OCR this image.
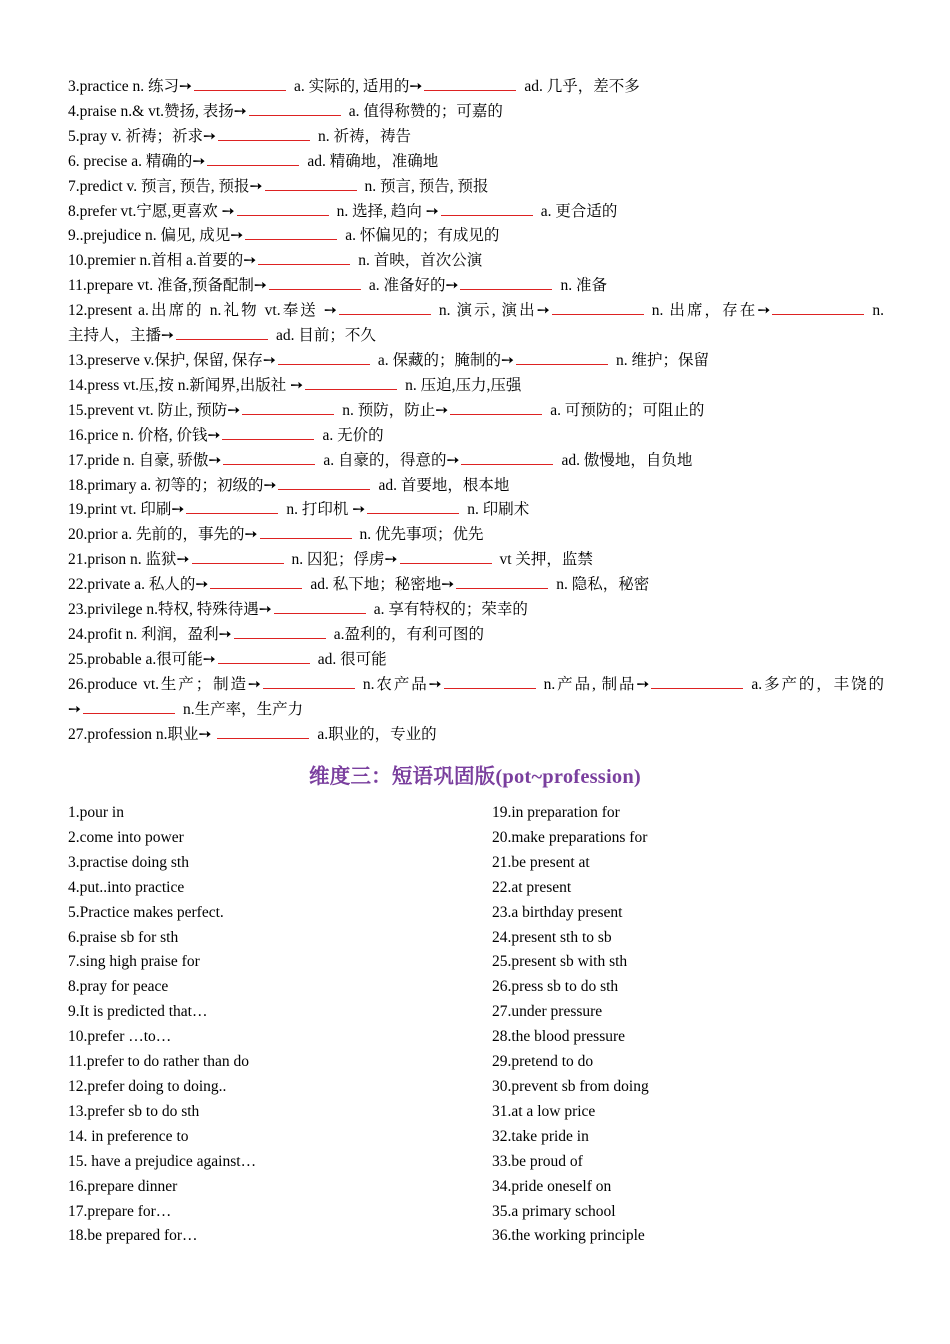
3.practice n. 练习➙	a. 实际的, 适用的➙	ad. 几乎，差不多
4.praise n.& vt.赞扬, 表扬➙	a. 值得称赞的；可嘉的
5.pray v. 祈祷；祈求➙	n. 祈祷，祷告
6. precise a. 精确的➙	ad. 精确地，准确地
7.predict v. 预言, 预告, 预报➙	n. 预言, 预告, 预报
8.prefer vt.宁愿,更喜欢 ➙	n. 选择, 趋向 ➙	a. 更合适的
9..prejudice n. 偏见, 成见➙	a. 怀偏见的；有成见的
10.premier n.首相 a.首要的➙	n. 首映，首次公演
11.prepare vt. 准备,预备配制➙	a. 准备好的➙	n. 准备
12.present a.出席的 n.礼物 vt.奉送 ➙	n. 演示, 演出➙	n. 出席，存在➙	n.
主持人，主播➙	ad. 目前；不久
13.preserve v.保护, 保留, 保存➙	a. 保藏的；腌制的➙	n. 维护；保留
14.press vt.压,按 n.新闻界,出版社 ➙	n. 压迫,压力,压强
15.prevent vt. 防止, 预防➙	n. 预防，防止➙	a. 可预防的；可阻止的
16.price n. 价格, 价钱➙	a. 无价的
17.pride n. 自豪, 骄傲➙	a. 自豪的，得意的➙	ad. 傲慢地，自负地
18.primary a. 初等的；初级的➙	ad. 首要地，根本地
19.print vt. 印刷➙	n. 打印机 ➙	n. 印刷术
20.prior a. 先前的，事先的➙	n. 优先事项；优先
21.prison n. 监狱➙	n. 囚犯；俘虏➙	vt 关押，监禁
22.private a. 私人的➙	ad. 私下地；秘密地➙	n. 隐私，秘密
23.privilege n.特权, 特殊待遇➙	a. 享有特权的；荣幸的
24.profit n. 利润，盈利➙	a.盈利的，有利可图的
25.probable a.很可能➙	ad. 很可能
26.produce vt.生产；制造➙	n.农产品➙	n.产品, 制品➙	a.多产的，丰饶的
➙	n.生产率，生产力
27.profession n.职业➙	a.职业的，专业的
维度三：短语巩固版(pot~profession)
1.pour in
2.come into power
3.practise doing sth
4.put..into practice
5.Practice makes perfect.
6.praise sb for sth
7.sing high praise for
8.pray for peace
9.It is predicted that…
10.prefer …to…
11.prefer to do rather than do
12.prefer doing to doing..
13.prefer sb to do sth
14. in preference to
15. have a prejudice against…
16.prepare dinner
17.prepare for…
18.be prepared for…
19.in preparation for
20.make preparations for
21.be present at
22.at present
23.a birthday present
24.present sth to sb
25.present sb with sth
26.press sb to do sth
27.under pressure
28.the blood pressure
29.pretend to do
30.prevent sb from doing
31.at a low price
32.take pride in
33.be proud of
34.pride oneself on
35.a primary school
36.the working principle
